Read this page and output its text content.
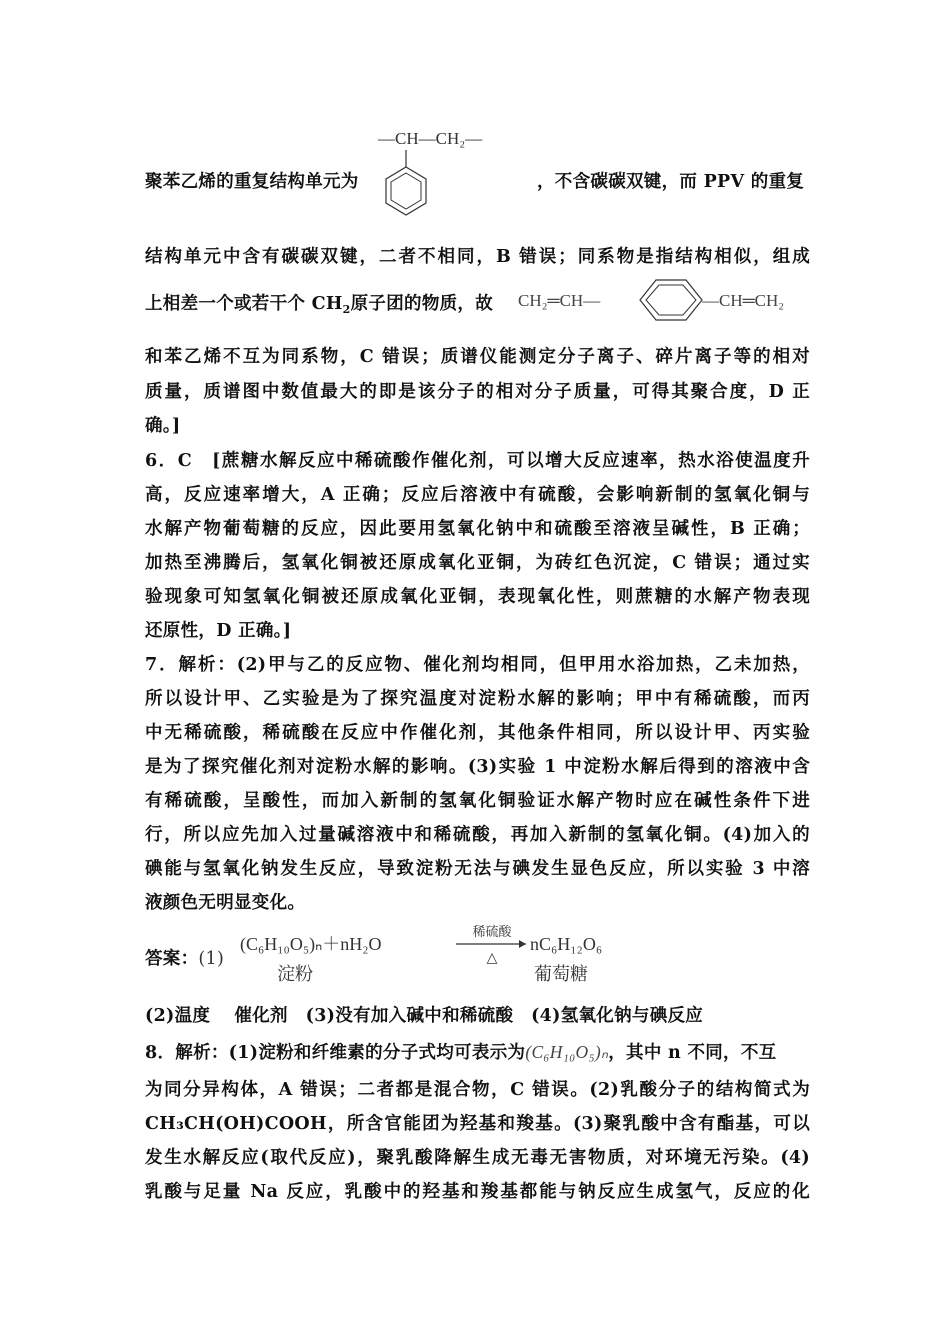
—CH—CH₂—
聚苯乙烯的重复结构单元为	，不含碳碳双键，而 PPV 的重复
结构单元中含有碳碳双键，二者不相同，B 错误；同系物是指结构相似，组成
上相差一个或若干个 $CH_2$原子团的物质，故	CH₂═CH—	—CH═CH₂
和苯乙烯不互为同系物，C 错误；质谱仪能测定分子离子、碎片离子等的相对
质量，质谱图中数值最大的即是该分子的相对分子质量，可得其聚合度，D 正
确。]
6．C　[蔗糖水解反应中稀硫酸作催化剂，可以增大反应速率，热水浴使温度升
高，反应速率增大，A 正确；反应后溶液中有硫酸，会影响新制的氢氧化铜与
水解产物葡萄糖的反应，因此要用氢氧化钠中和硫酸至溶液呈碱性，B 正确；
加热至沸腾后，氢氧化铜被还原成氧化亚铜，为砖红色沉淀，C 错误；通过实
验现象可知氢氧化铜被还原成氧化亚铜，表现氧化性，则蔗糖的水解产物表现
还原性，D 正确。]
7．解析：(2)甲与乙的反应物、催化剂均相同，但甲用水浴加热，乙未加热，
所以设计甲、乙实验是为了探究温度对淀粉水解的影响；甲中有稀硫酸，而丙
中无稀硫酸，稀硫酸在反应中作催化剂，其他条件相同，所以设计甲、丙实验
是为了探究催化剂对淀粉水解的影响。(3)实验 1 中淀粉水解后得到的溶液中含
有稀硫酸，呈酸性，而加入新制的氢氧化铜验证水解产物时应在碱性条件下进
行，所以应先加入过量碱溶液中和稀硫酸，再加入新制的氢氧化铜。(4)加入的
碘能与氢氧化钠发生反应，导致淀粉无法与碘发生显色反应，所以实验 3 中溶
液颜色无明显变化。
答案：(1)
(C₆H₁₀O₅)ₙ＋nH₂O
稀硫酸
△
nC₆H₁₂O₆
淀粉	葡萄糖
(2)温度　 催化剂　(3)没有加入碱中和稀硫酸　(4)氢氧化钠与碘反应
8．解析：(1)淀粉和纤维素的分子式均可表示为(C₆H₁₀O₅)ₙ，其中 n 不同，不互
为同分异构体，A 错误；二者都是混合物，C 错误。(2)乳酸分子的结构简式为
CH₃CH(OH)COOH，所含官能团为羟基和羧基。(3)聚乳酸中含有酯基，可以
发生水解反应(取代反应)，聚乳酸降解生成无毒无害物质，对环境无污染。(4)
乳酸与足量 Na 反应，乳酸中的羟基和羧基都能与钠反应生成氢气，反应的化
